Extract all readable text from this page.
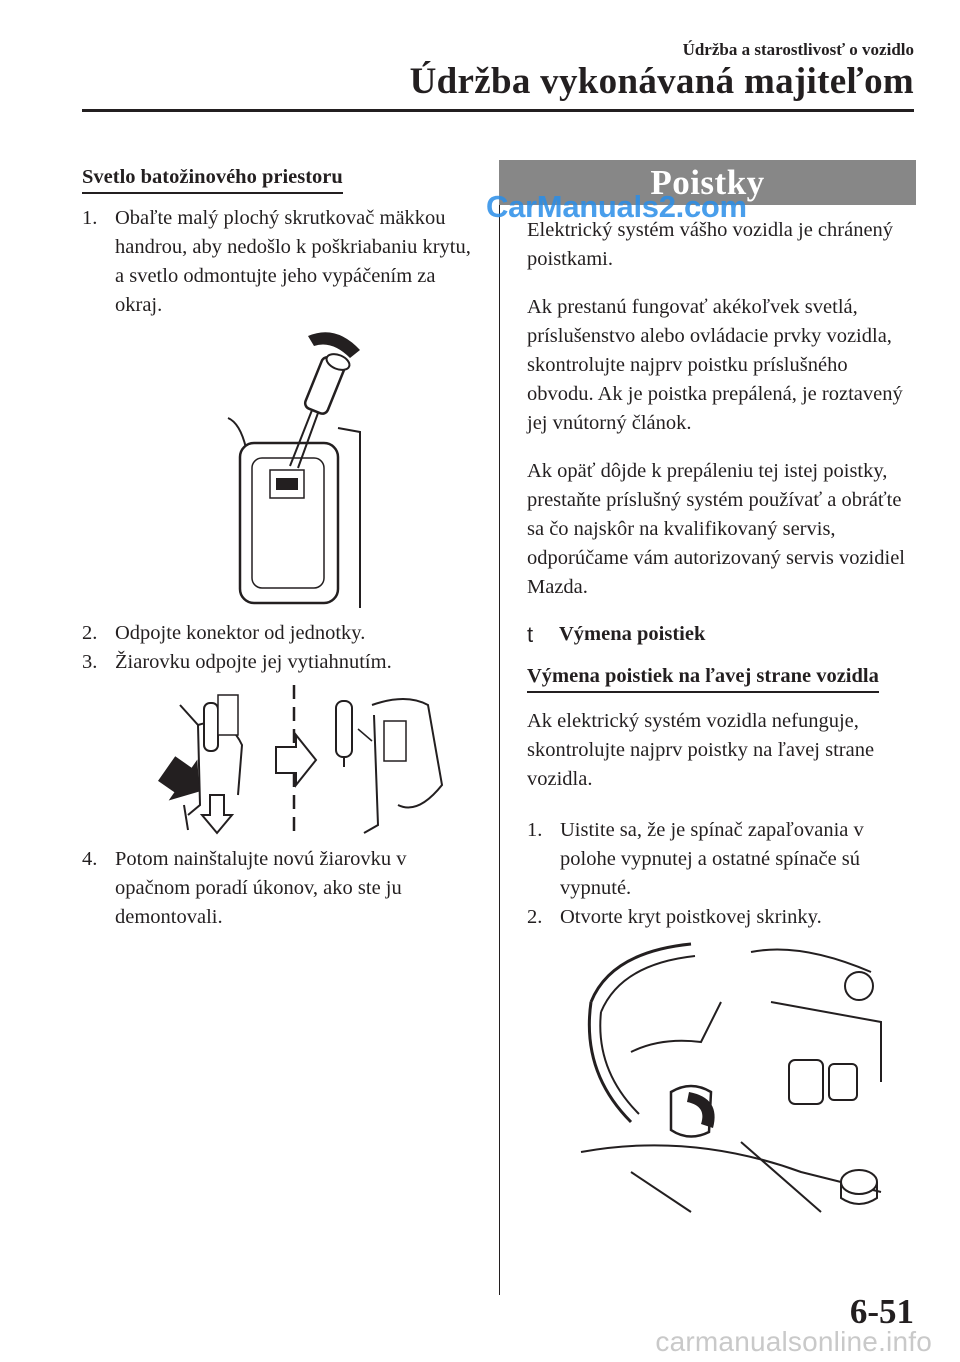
Údržba a starostlivosť o vozidlo
Údržba vykonávaná majiteľom
Svetlo batožinového priestoru
1. Obaľte malý plochý skrutkovač mäkkou handrou, aby nedošlo k poškriabaniu krytu, a svetlo odmontujte jeho vypáčením za okraj.
2. Odpojte konektor od jednotky.
3. Žiarovku odpojte jej vytiahnutím.
4. Potom nainštalujte novú žiarovku v opačnom poradí úkonov, ako ste ju demontovali.
Poistky
CarManuals2.com

Elektrický systém vášho vozidla je chránený poistkami.

Ak prestanú fungovať akékoľvek svetlá, príslušenstvo alebo ovládacie prvky vozidla, skontrolujte najprv poistku príslušného obvodu. Ak je poistka prepálená, je roztavený jej vnútorný článok.

Ak opäť dôjde k prepáleniu tej istej poistky, prestaňte príslušný systém používať a obráťte sa čo najskôr na kvalifikovaný servis, odporúčame vám autorizovaný servis vozidiel Mazda.

t	Výmena poistiek
Výmena poistiek na ľavej strane vozidla

Ak elektrický systém vozidla nefunguje, skontrolujte najprv poistky na ľavej strane vozidla.

1. Uistite sa, že je spínač zapaľovania v polohe vypnutej a ostatné spínače sú vypnuté.
2. Otvorte kryt poistkovej skrinky.
6-51
carmanualsonline.info
